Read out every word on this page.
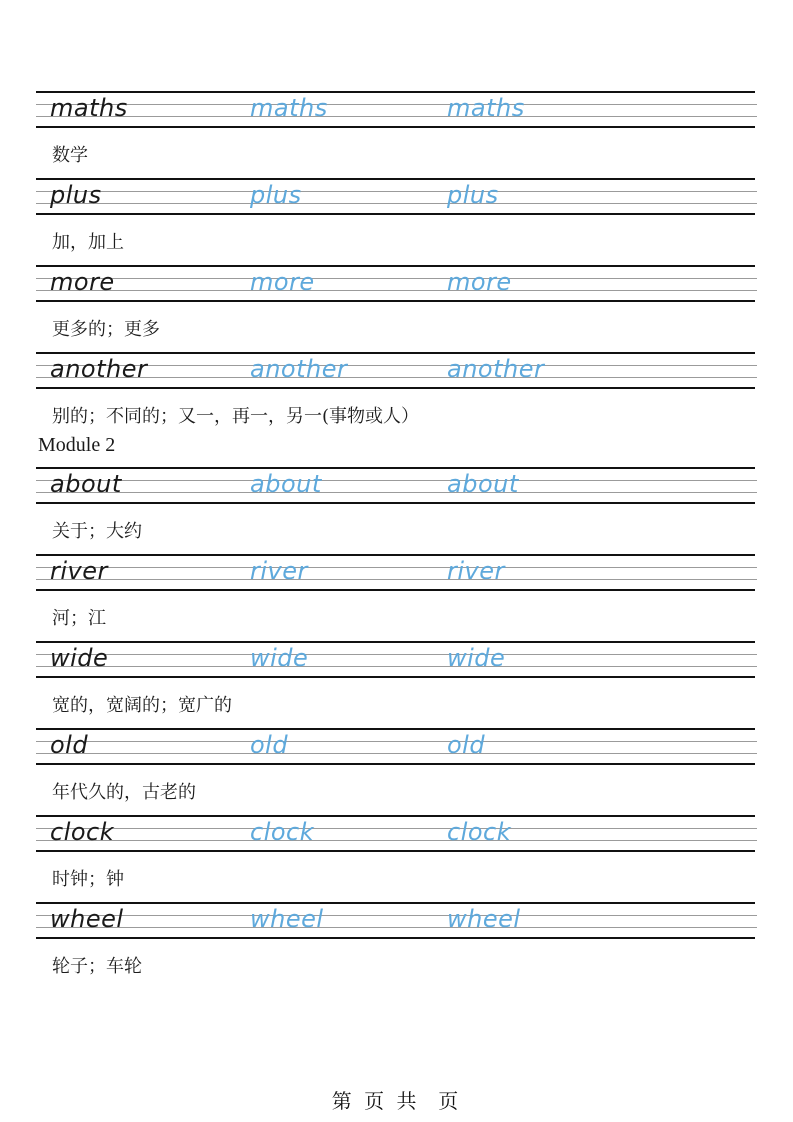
maths	maths	maths
数学
plus	plus	plus
加，加上
more	more	more
更多的；更多
another	another	another
别的；不同的；又一，再一，另一(事物或人）
Module 2
about	about	about
关于；大约
river	river	river
河；江
wide	wide	wide
宽的，宽阔的；宽广的
old	old	old
年代久的，古老的
clock	clock	clock
时钟；钟
wheel	wheel	wheel
轮子；车轮
第 页 共  页
